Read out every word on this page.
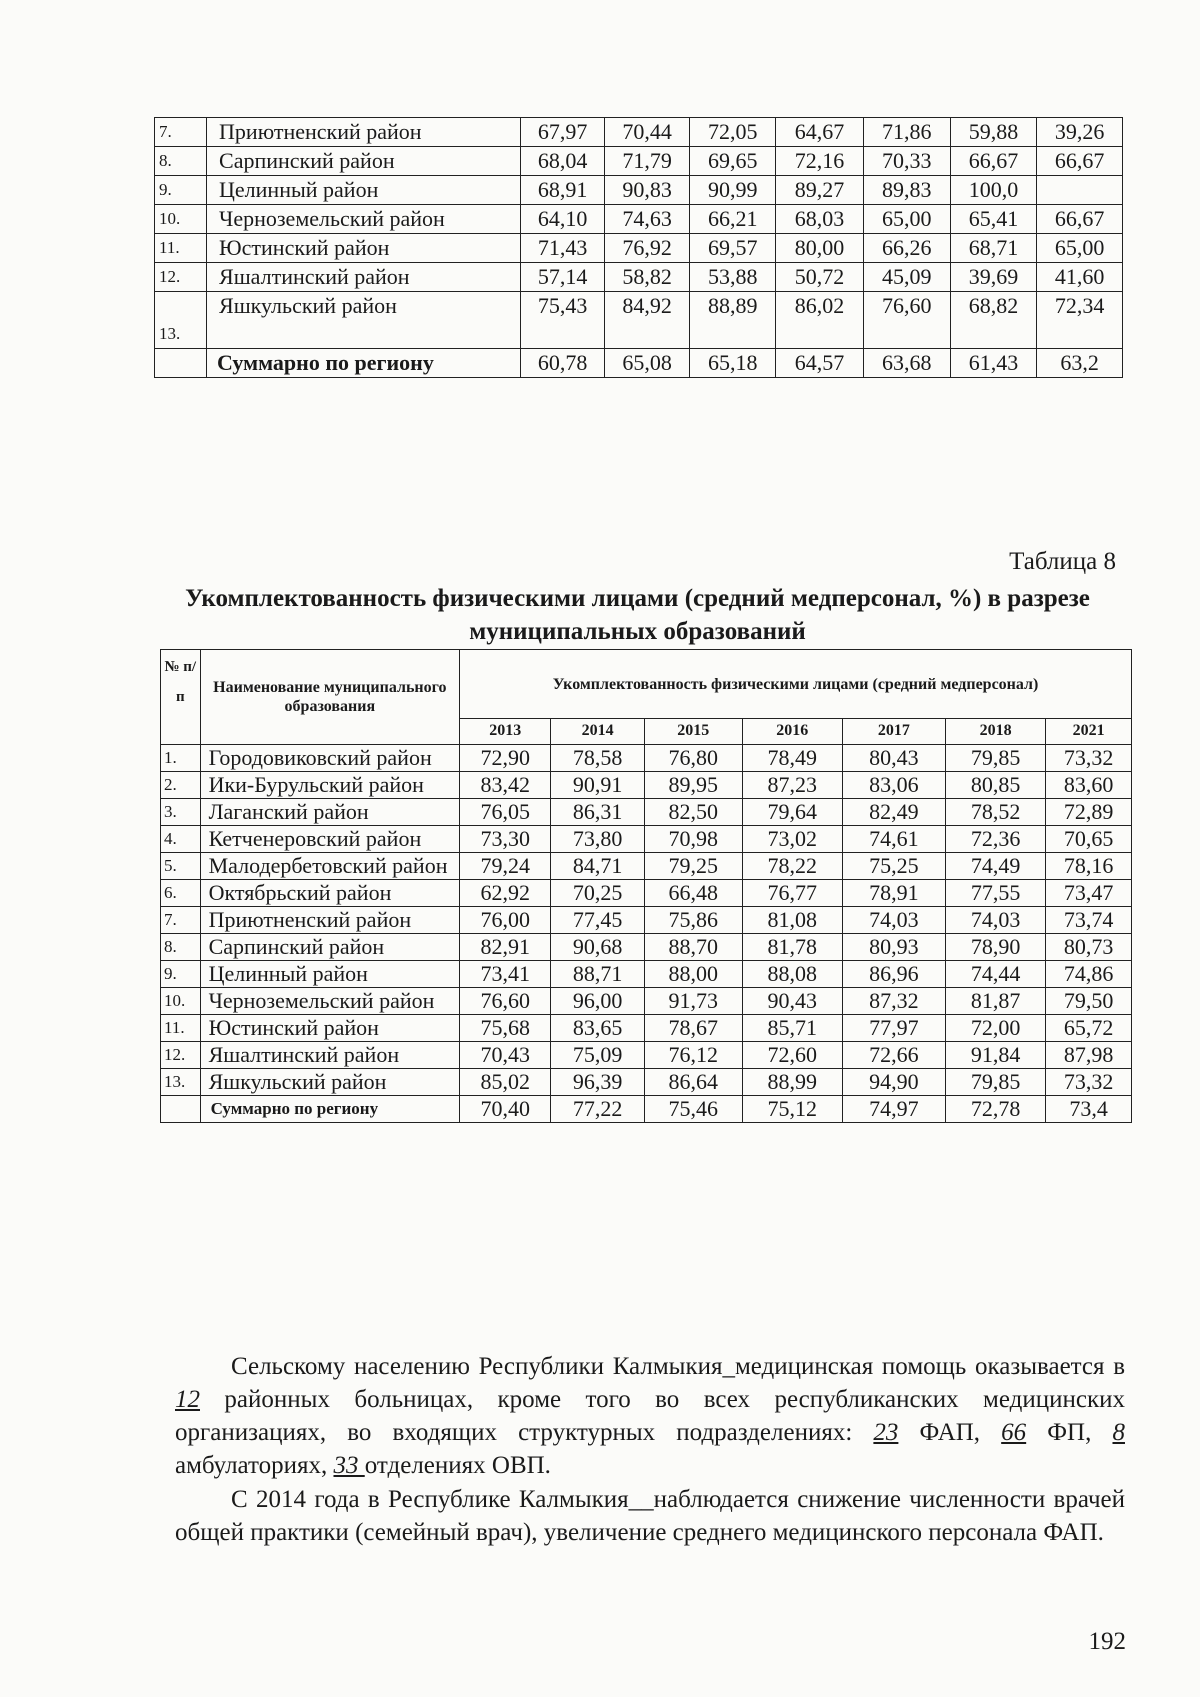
7.	Приютненский район	67,97	70,44	72,05	64,67	71,86	59,88	39,26
8.	Сарпинский район	68,04	71,79	69,65	72,16	70,33	66,67	66,67
9.	Целинный район	68,91	90,83	90,99	89,27	89,83	100,0	
10.	Черноземельский район	64,10	74,63	66,21	68,03	65,00	65,41	66,67
11.	Юстинский район	71,43	76,92	69,57	80,00	66,26	68,71	65,00
12.	Яшалтинский район	57,14	58,82	53,88	50,72	45,09	39,69	41,60
13.	Яшкульский район	75,43	84,92	88,89	86,02	76,60	68,82	72,34
	Суммарно по региону	60,78	65,08	65,18	64,57	63,68	61,43	63,2
Таблица 8
Укомплектованность физическими лицами (средний медперсонал, %) в разрезе муниципальных образований
№ п/ п	Наименование муниципального образования	Укомплектованность физическими лицами (средний медперсонал)						
		2013	2014	2015	2016	2017	2018	2021
1.	Городовиковский район	72,90	78,58	76,80	78,49	80,43	79,85	73,32
2.	Ики-Бурульский район	83,42	90,91	89,95	87,23	83,06	80,85	83,60
3.	Лаганский район	76,05	86,31	82,50	79,64	82,49	78,52	72,89
4.	Кетченеровский район	73,30	73,80	70,98	73,02	74,61	72,36	70,65
5.	Малодербетовский район	79,24	84,71	79,25	78,22	75,25	74,49	78,16
6.	Октябрьский район	62,92	70,25	66,48	76,77	78,91	77,55	73,47
7.	Приютненский район	76,00	77,45	75,86	81,08	74,03	74,03	73,74
8.	Сарпинский район	82,91	90,68	88,70	81,78	80,93	78,90	80,73
9.	Целинный район	73,41	88,71	88,00	88,08	86,96	74,44	74,86
10.	Черноземельский район	76,60	96,00	91,73	90,43	87,32	81,87	79,50
11.	Юстинский район	75,68	83,65	78,67	85,71	77,97	72,00	65,72
12.	Яшалтинский район	70,43	75,09	76,12	72,60	72,66	91,84	87,98
13.	Яшкульский район	85,02	96,39	86,64	88,99	94,90	79,85	73,32
	Суммарно по региону	70,40	77,22	75,46	75,12	74,97	72,78	73,4
Сельскому населению Республики Калмыкия_медицинская помощь оказывается в 12 районных больницах, кроме того во всех республиканских медицинских организациях, во входящих структурных подразделениях: 23 ФАП, 66 ФП, 8 амбулаториях, 33 отделениях ОВП.
С 2014 года в Республике Калмыкия__наблюдается снижение численности врачей общей практики (семейный врач), увеличение среднего медицинского персонала ФАП.
192
